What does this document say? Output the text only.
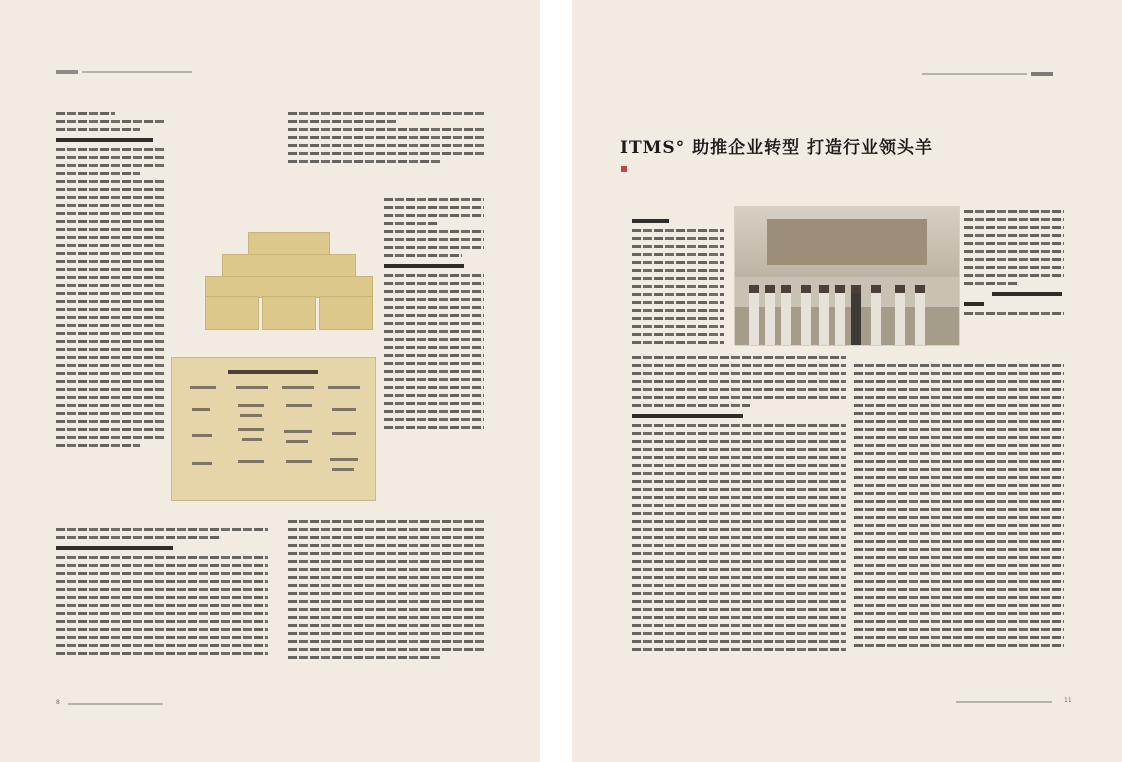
8	11
ITMS° 助推企业转型 打造行业领头羊
